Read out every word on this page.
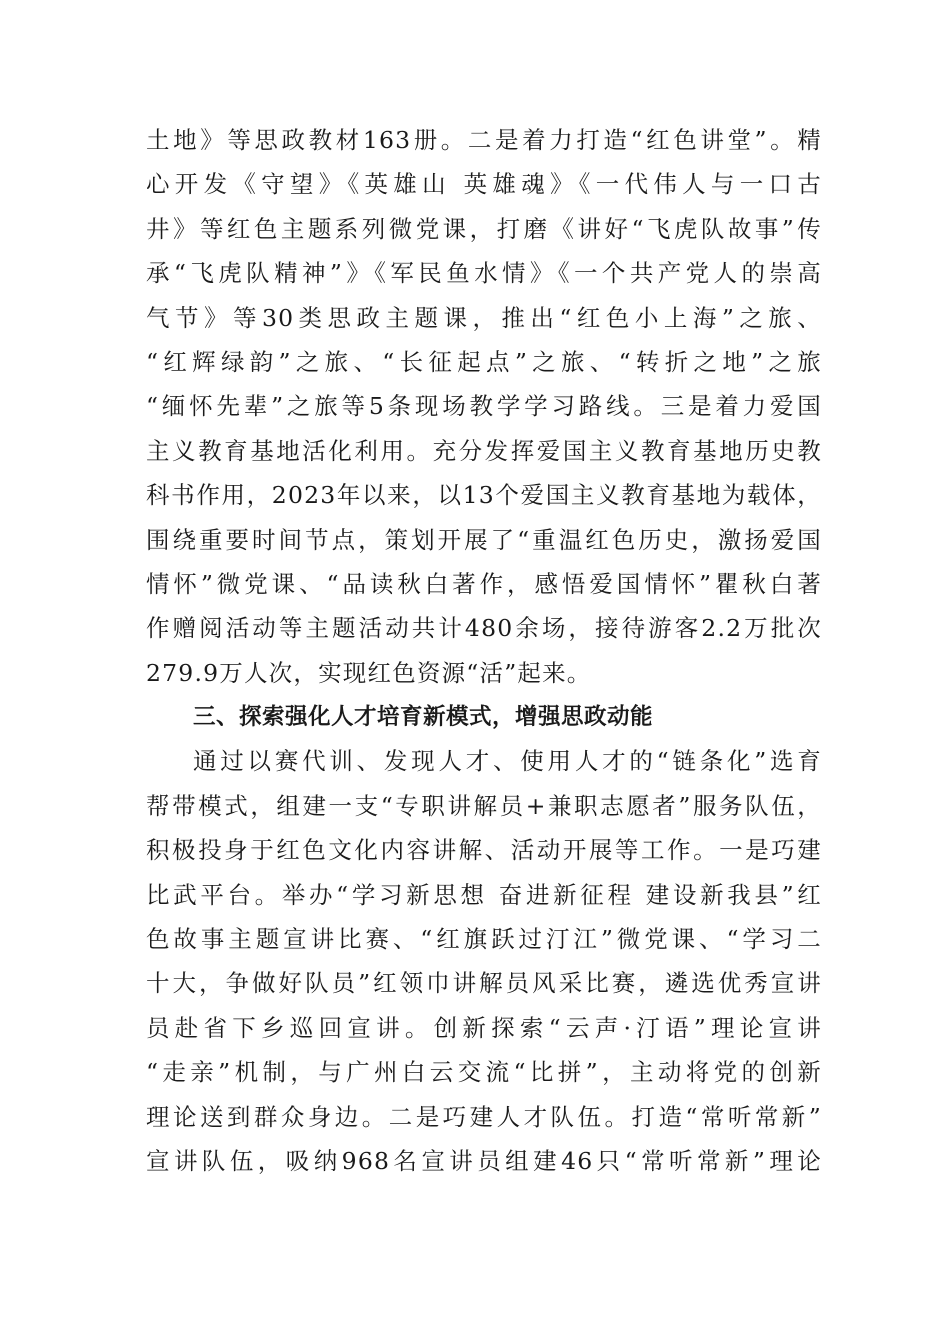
土地》等思政教材163册。二是着力打造“红色讲堂”。精
心开发《守望》《英雄山 英雄魂》《一代伟人与一口古
井》等红色主题系列微党课，打磨《讲好“飞虎队故事”传
承“飞虎队精神”》《军民鱼水情》《一个共产党人的崇高
气节》等30类思政主题课，推出“红色小上海”之旅、
“红辉绿韵”之旅、“长征起点”之旅、“转折之地”之旅
“缅怀先辈”之旅等5条现场教学学习路线。三是着力爱国
主义教育基地活化利用。充分发挥爱国主义教育基地历史教
科书作用，2023年以来，以13个爱国主义教育基地为载体，
围绕重要时间节点，策划开展了“重温红色历史，激扬爱国
情怀”微党课、“品读秋白著作，感悟爱国情怀”瞿秋白著
作赠阅活动等主题活动共计480余场，接待游客2.2万批次
279.9万人次，实现红色资源“活”起来。
三、探索强化人才培育新模式，增强思政动能
通过以赛代训、发现人才、使用人才的“链条化”选育
帮带模式，组建一支“专职讲解员+兼职志愿者”服务队伍，
积极投身于红色文化内容讲解、活动开展等工作。一是巧建
比武平台。举办“学习新思想 奋进新征程 建设新我县”红
色故事主题宣讲比赛、“红旗跃过汀江”微党课、“学习二
十大，争做好队员”红领巾讲解员风采比赛，遴选优秀宣讲
员赴省下乡巡回宣讲。创新探索“云声·汀语”理论宣讲
“走亲”机制，与广州白云交流“比拼”，主动将党的创新
理论送到群众身边。二是巧建人才队伍。打造“常听常新”
宣讲队伍，吸纳968名宣讲员组建46只“常听常新”理论
